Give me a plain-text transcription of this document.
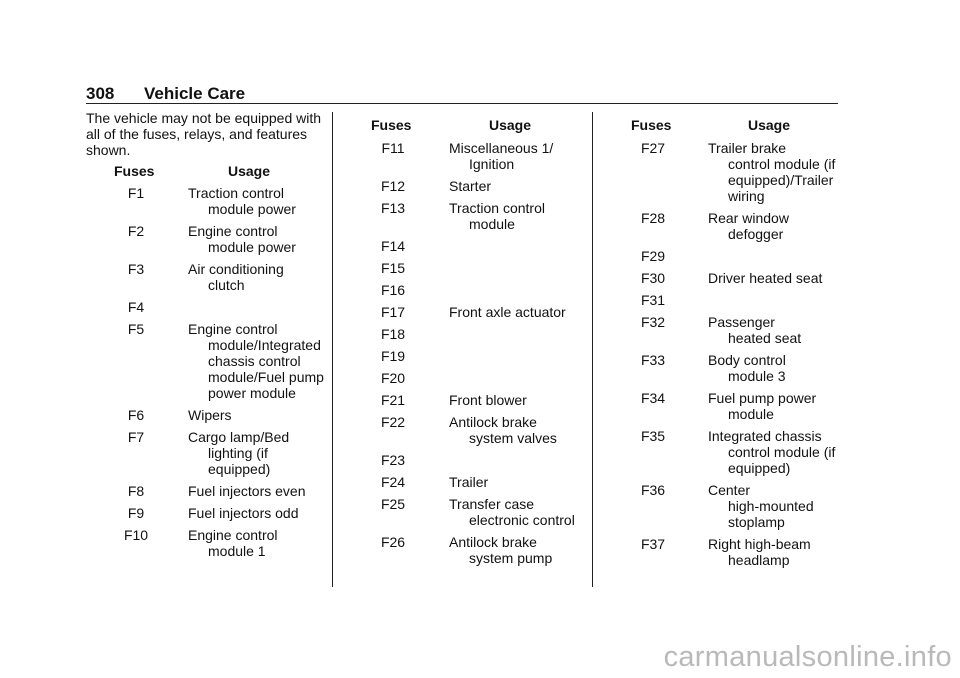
308 Vehicle Care
The vehicle may not be equipped with all of the fuses, relays, and features shown.
Fuses	Usage
F1	Traction control
module power
F2	Engine control
module power
F3	Air conditioning
clutch
F4
F5	Engine control
module/Integrated
chassis control
module/Fuel pump
power module
F6	Wipers
F7	Cargo lamp/Bed
lighting (if
equipped)
F8	Fuel injectors even
F9	Fuel injectors odd
F10	Engine control
module 1
Fuses	Usage
F11	Miscellaneous 1/
Ignition
F12	Starter
F13	Traction control
module
F14
F15
F16
F17	Front axle actuator
F18
F19
F20
F21	Front blower
F22	Antilock brake
system valves
F23
F24	Trailer
F25	Transfer case
electronic control
F26	Antilock brake
system pump
Fuses	Usage
F27	Trailer brake
control module (if
equipped)/Trailer
wiring
F28	Rear window
defogger
F29
F30	Driver heated seat
F31
F32	Passenger
heated seat
F33	Body control
module 3
F34	Fuel pump power
module
F35	Integrated chassis
control module (if
equipped)
F36	Center
high-mounted
stoplamp
F37	Right high-beam
headlamp
carmanualsonline.info
